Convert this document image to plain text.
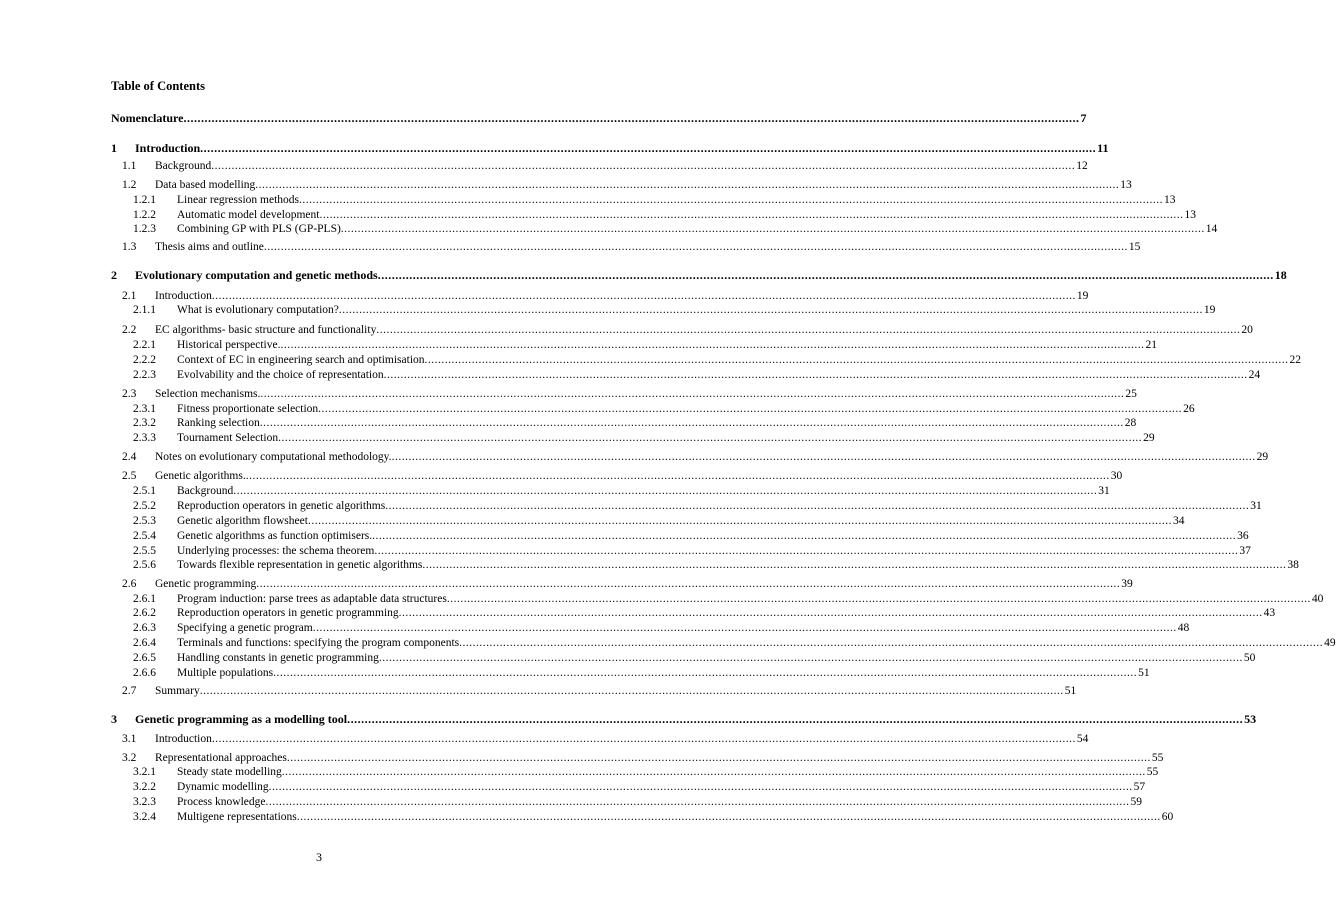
Table of Contents
Nomenclature .....	7
1	Introduction .....	11
1.1	Background .....	12
1.2	Data based modelling .....	13
1.2.1	Linear regression methods .....	13
1.2.2	Automatic model development .....	13
1.2.3	Combining GP with PLS (GP-PLS) .....	14
1.3	Thesis aims and outline .....	15
2	Evolutionary computation and genetic methods .....	18
2.1	Introduction .....	19
2.1.1	What is evolutionary computation? .....	19
2.2	EC algorithms- basic structure and functionality .....	20
2.2.1	Historical perspective. .....	21
2.2.2	Context of EC in engineering search and optimisation .....	22
2.2.3	Evolvability and the choice of representation .....	24
2.3	Selection mechanisms. .....	25
2.3.1	Fitness proportionate selection .....	26
2.3.2	Ranking selection .....	28
2.3.3	Tournament Selection .....	29
2.4	Notes on evolutionary computational methodology. .....	29
2.5	Genetic algorithms. .....	30
2.5.1	Background .....	31
2.5.2	Reproduction operators in genetic algorithms .....	31
2.5.3	Genetic algorithm flowsheet .....	34
2.5.4	Genetic algorithms as function optimisers. .....	36
2.5.5	Underlying processes: the schema theorem .....	37
2.5.6	Towards flexible representation in genetic algorithms .....	38
2.6	Genetic programming .....	39
2.6.1	Program induction: parse trees as adaptable data structures .....	40
2.6.2	Reproduction operators in genetic programming .....	43
2.6.3	Specifying a genetic program .....	48
2.6.4	Terminals and functions: specifying the program components .....	49
2.6.5	Handling constants in genetic programming .....	50
2.6.6	Multiple populations .....	51
2.7	Summary .....	51
3	Genetic programming as a modelling tool .....	53
3.1	Introduction .....	54
3.2	Representational approaches .....	55
3.2.1	Steady state modelling .....	55
3.2.2	Dynamic modelling .....	57
3.2.3	Process knowledge .....	59
3.2.4	Multigene representations .....	60
3
